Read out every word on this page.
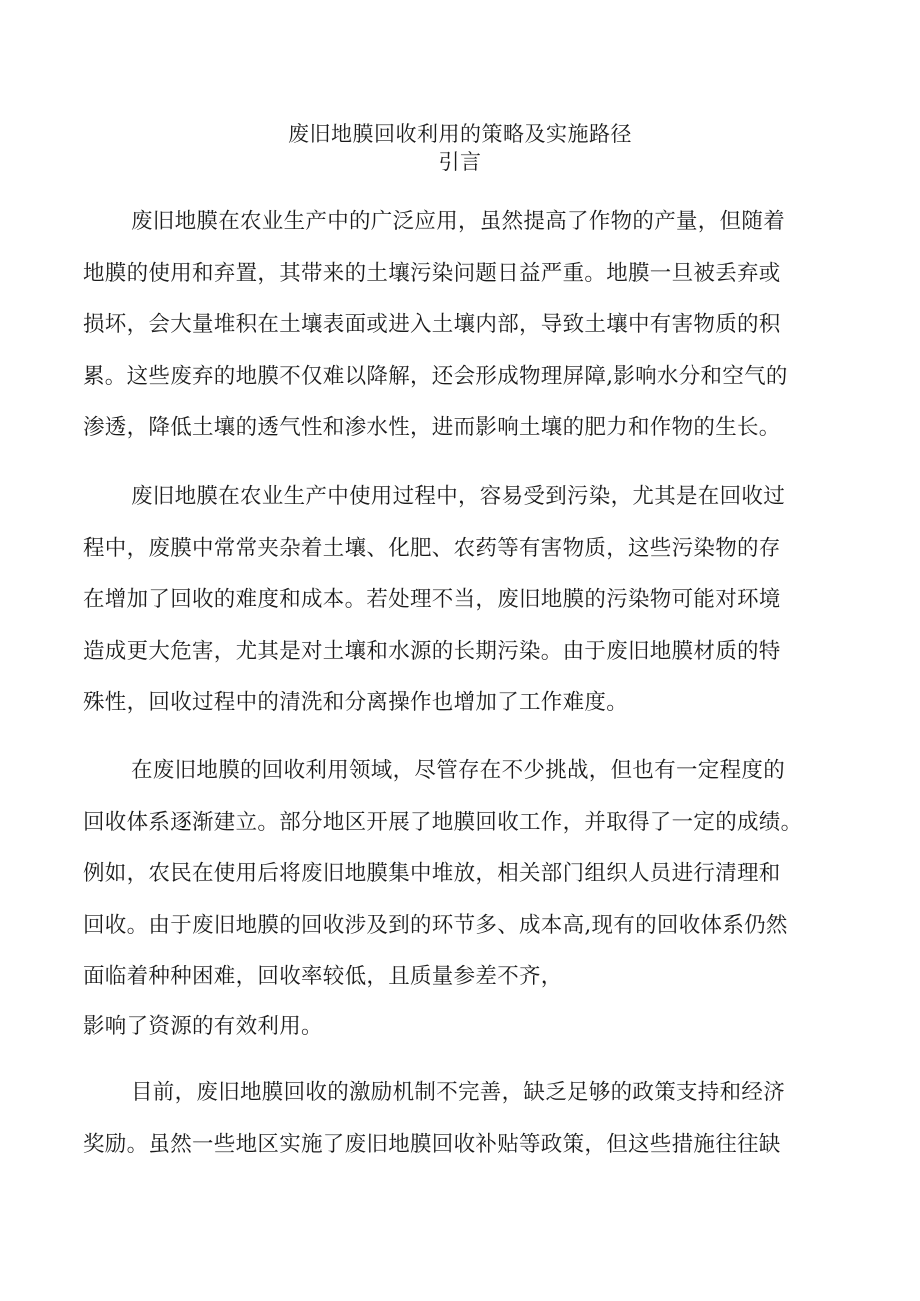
废旧地膜回收利用的策略及实施路径
引言
废旧地膜在农业生产中的广泛应用，虽然提高了作物的产量，但随着
地膜的使用和弃置，其带来的土壤污染问题日益严重。地膜一旦被丢弃或
损坏，会大量堆积在土壤表面或进入土壤内部，导致土壤中有害物质的积
累。这些废弃的地膜不仅难以降解，还会形成物理屏障,影响水分和空气的
渗透，降低土壤的透气性和渗水性，进而影响土壤的肥力和作物的生长。
废旧地膜在农业生产中使用过程中，容易受到污染，尤其是在回收过
程中，废膜中常常夹杂着土壤、化肥、农药等有害物质，这些污染物的存
在增加了回收的难度和成本。若处理不当，废旧地膜的污染物可能对环境
造成更大危害，尤其是对土壤和水源的长期污染。由于废旧地膜材质的特
殊性，回收过程中的清洗和分离操作也增加了工作难度。
在废旧地膜的回收利用领域，尽管存在不少挑战，但也有一定程度的
回收体系逐渐建立。部分地区开展了地膜回收工作，并取得了一定的成绩。
例如，农民在使用后将废旧地膜集中堆放，相关部门组织人员进行清理和
回收。由于废旧地膜的回收涉及到的环节多、成本高,现有的回收体系仍然
面临着种种困难，回收率较低，且质量参差不齐，
影响了资源的有效利用。
目前，废旧地膜回收的激励机制不完善，缺乏足够的政策支持和经济
奖励。虽然一些地区实施了废旧地膜回收补贴等政策，但这些措施往往缺
